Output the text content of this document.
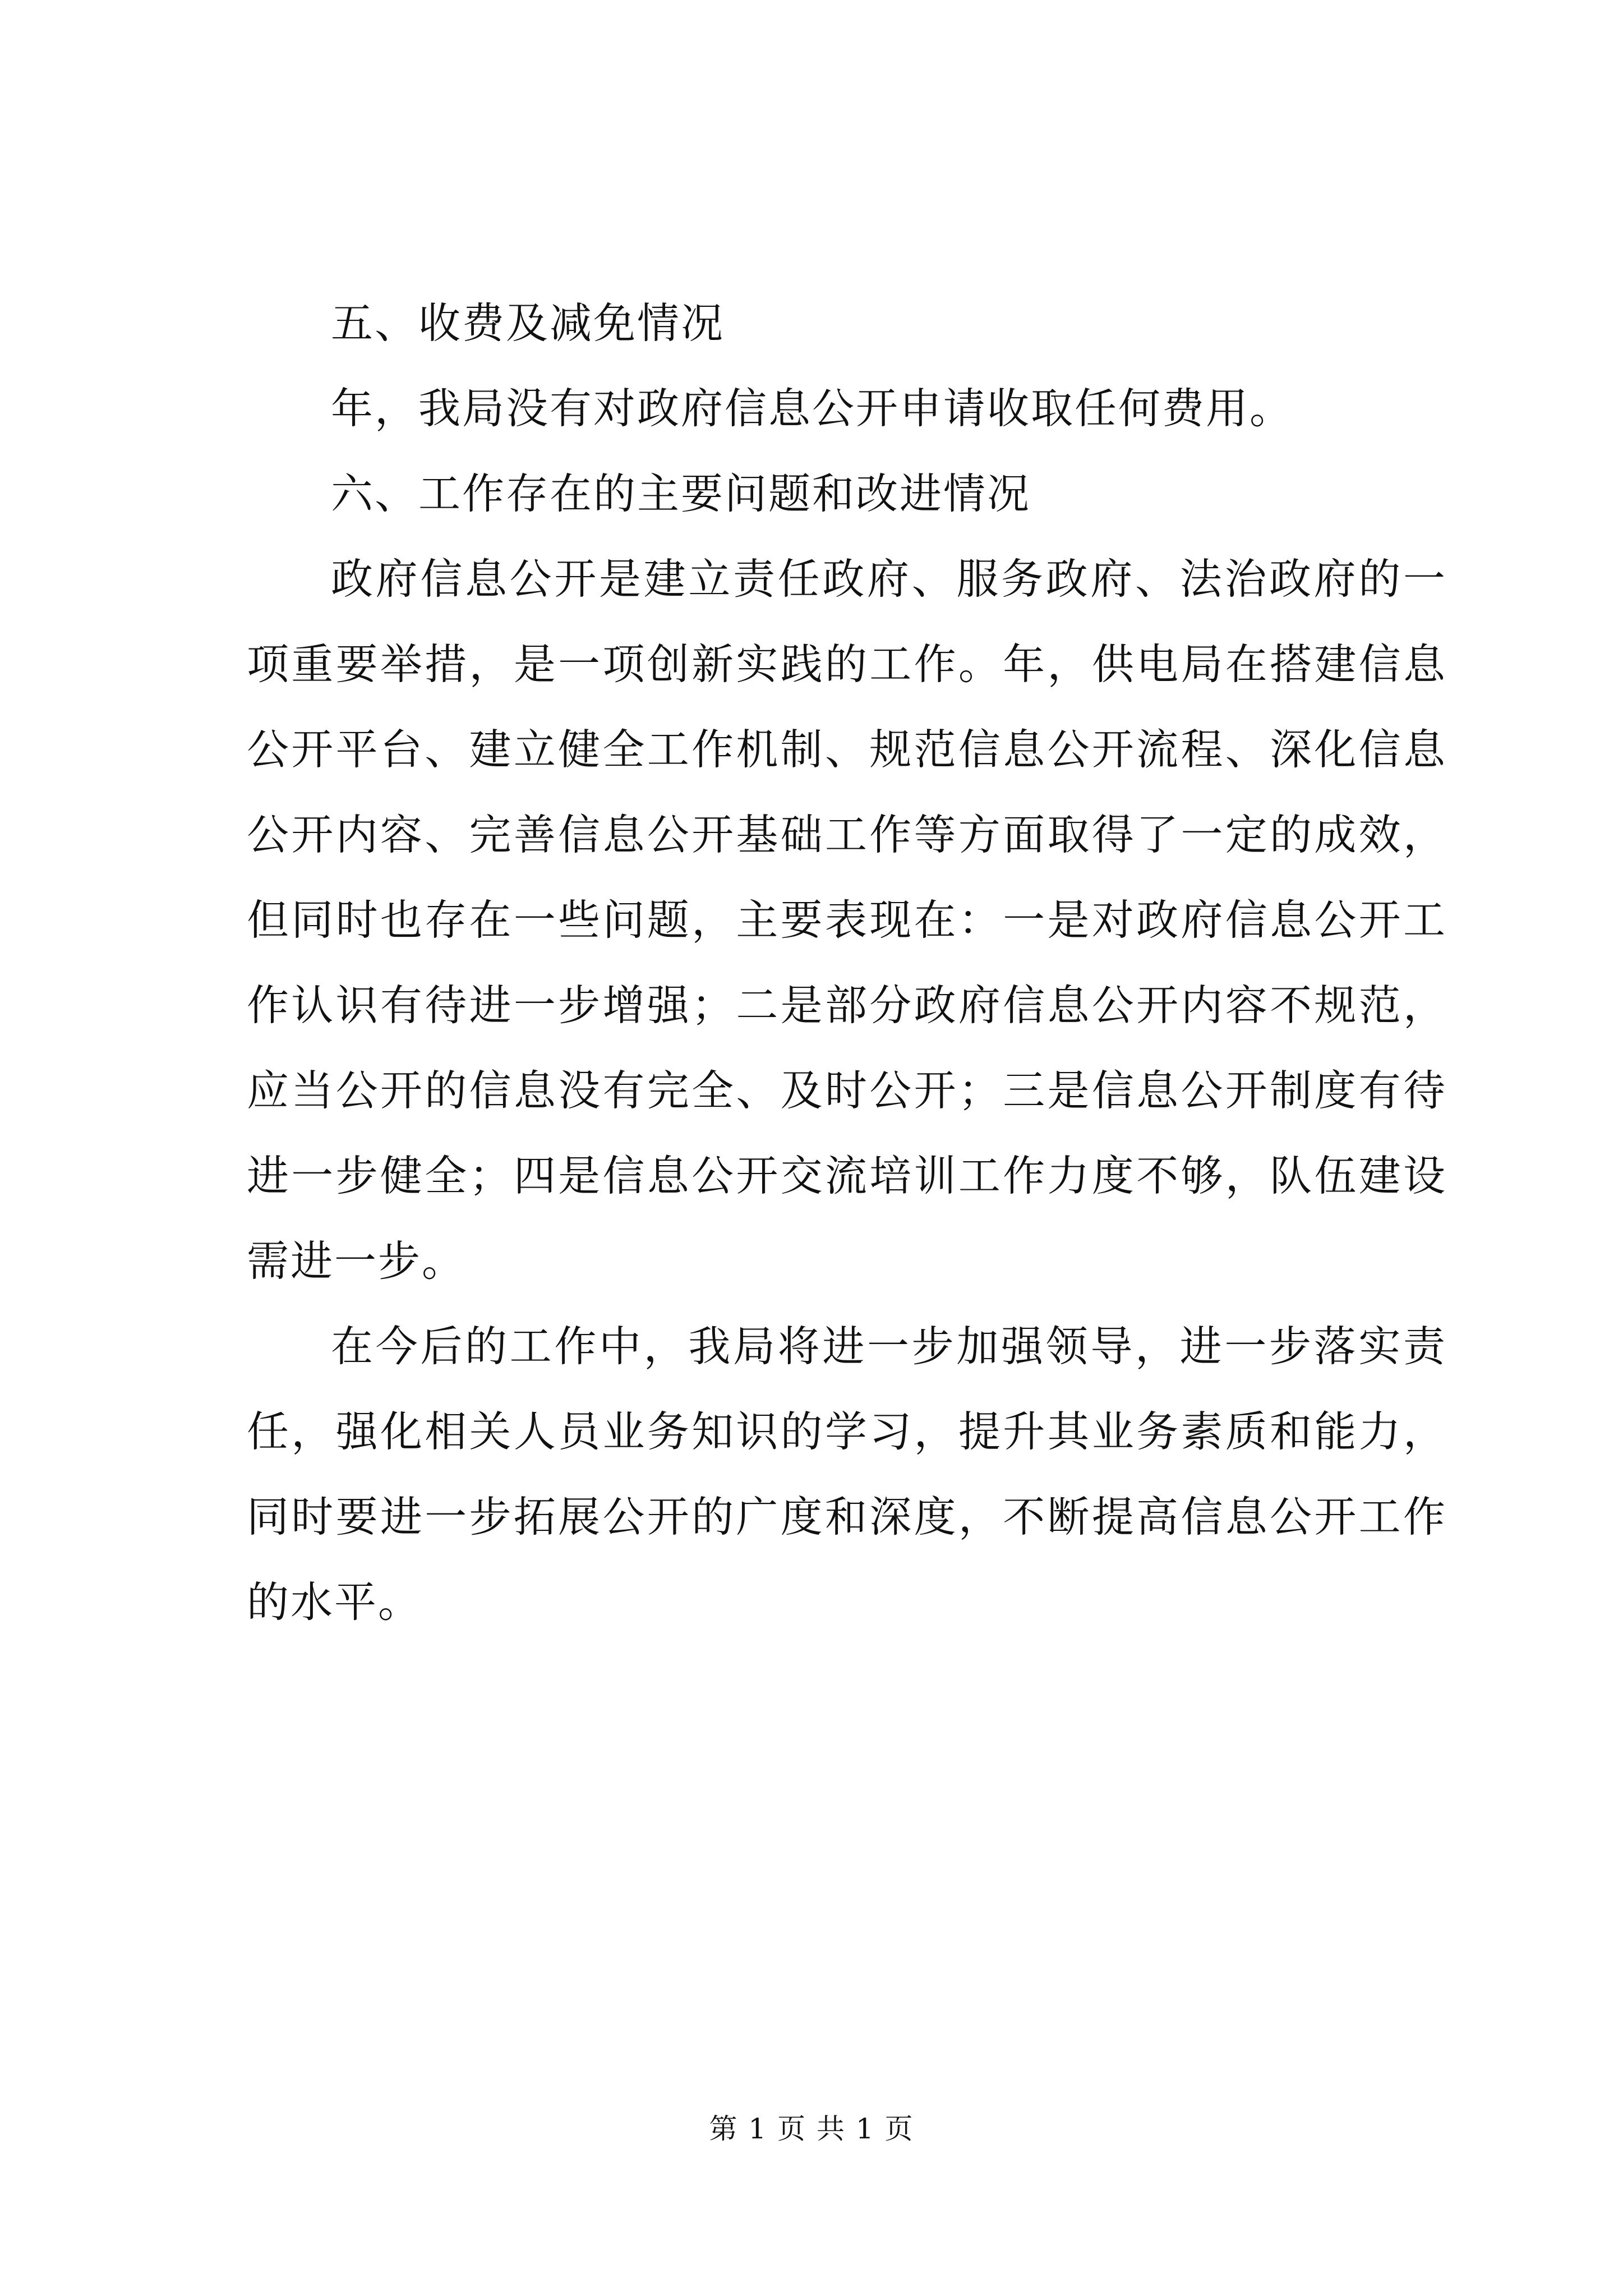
五、收费及减免情况

年，我局没有对政府信息公开申请收取任何费用。

六、工作存在的主要问题和改进情况

政府信息公开是建立责任政府、服务政府、法治政府的一项重要举措，是一项创新实践的工作。年，供电局在搭建信息公开平台、建立健全工作机制、规范信息公开流程、深化信息公开内容、完善信息公开基础工作等方面取得了一定的成效，但同时也存在一些问题，主要表现在：一是对政府信息公开工作认识有待进一步增强；二是部分政府信息公开内容不规范，应当公开的信息没有完全、及时公开；三是信息公开制度有待进一步健全；四是信息公开交流培训工作力度不够，队伍建设需进一步。

在今后的工作中，我局将进一步加强领导，进一步落实责任，强化相关人员业务知识的学习，提升其业务素质和能力，同时要进一步拓展公开的广度和深度，不断提高信息公开工作的水平。

第 1 页 共 1 页
